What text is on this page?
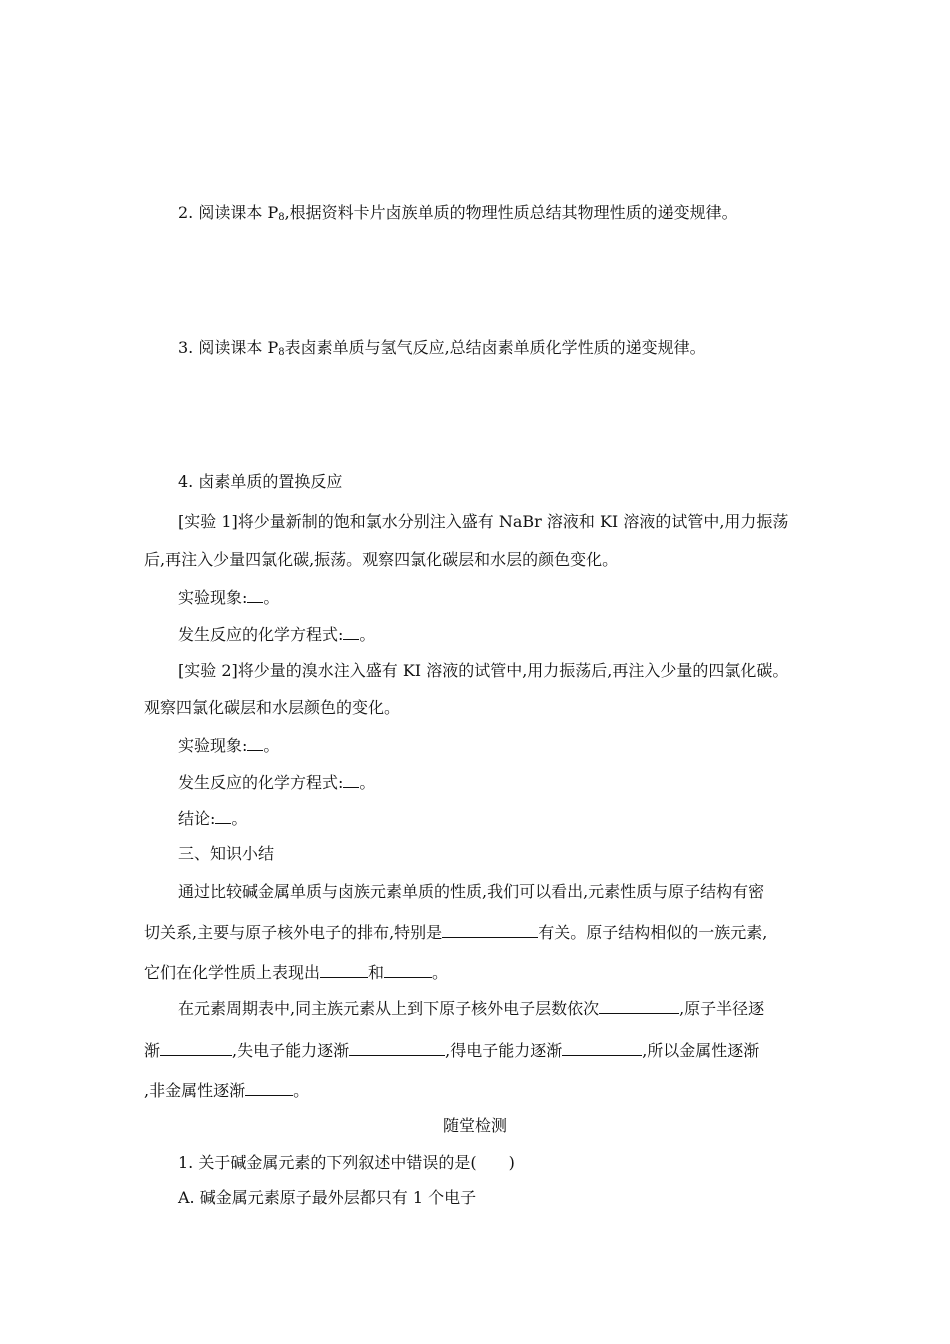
2. 阅读课本 $P_8$,根据资料卡片卤族单质的物理性质总结其物理性质的递变规律。
3. 阅读课本 $P_8$表卤素单质与氢气反应,总结卤素单质化学性质的递变规律。
4. 卤素单质的置换反应
[实验 1]将少量新制的饱和氯水分别注入盛有 NaBr 溶液和 KI 溶液的试管中,用力振荡
后,再注入少量四氯化碳,振荡。观察四氯化碳层和水层的颜色变化。
实验现象: 。
发生反应的化学方程式: 。
[实验 2]将少量的溴水注入盛有 KI 溶液的试管中,用力振荡后,再注入少量的四氯化碳。
观察四氯化碳层和水层颜色的变化。
实验现象: 。
发生反应的化学方程式: 。
结论: 。
三、知识小结
通过比较碱金属单质与卤族元素单质的性质,我们可以看出,元素性质与原子结构有密
切关系,主要与原子核外电子的排布,特别是	有关。原子结构相似的一族元素,
它们在化学性质上表现出	和	。
在元素周期表中,同主族元素从上到下原子核外电子层数依次	,原子半径逐
渐	,失电子能力逐渐	,得电子能力逐渐	,所以金属性逐渐
,非金属性逐渐	。
随堂检测
1. 关于碱金属元素的下列叙述中错误的是(　　)
A. 碱金属元素原子最外层都只有 1 个电子
